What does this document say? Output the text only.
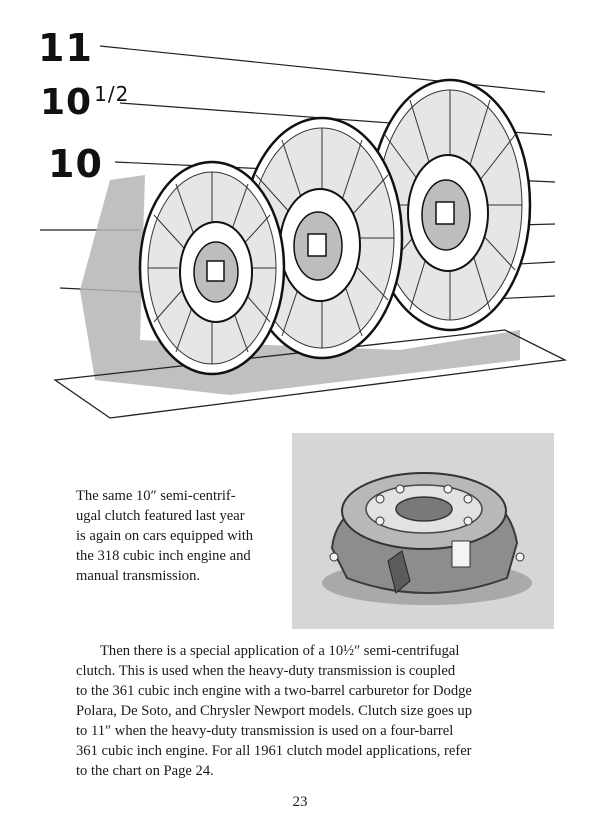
11
10 1/2
10

The same 10″ semi-centrif-
ugal clutch featured last year
is again on cars equipped with
the 318 cubic inch engine and
manual transmission.

Then there is a special application of a 10½″ semi-centrifugal
clutch. This is used when the heavy-duty transmission is coupled
to the 361 cubic inch engine with a two-barrel carburetor for Dodge
Polara, De Soto, and Chrysler Newport models. Clutch size goes up
to 11″ when the heavy-duty transmission is used on a four-barrel
361 cubic inch engine. For all 1961 clutch model applications, refer
to the chart on Page 24.

23
